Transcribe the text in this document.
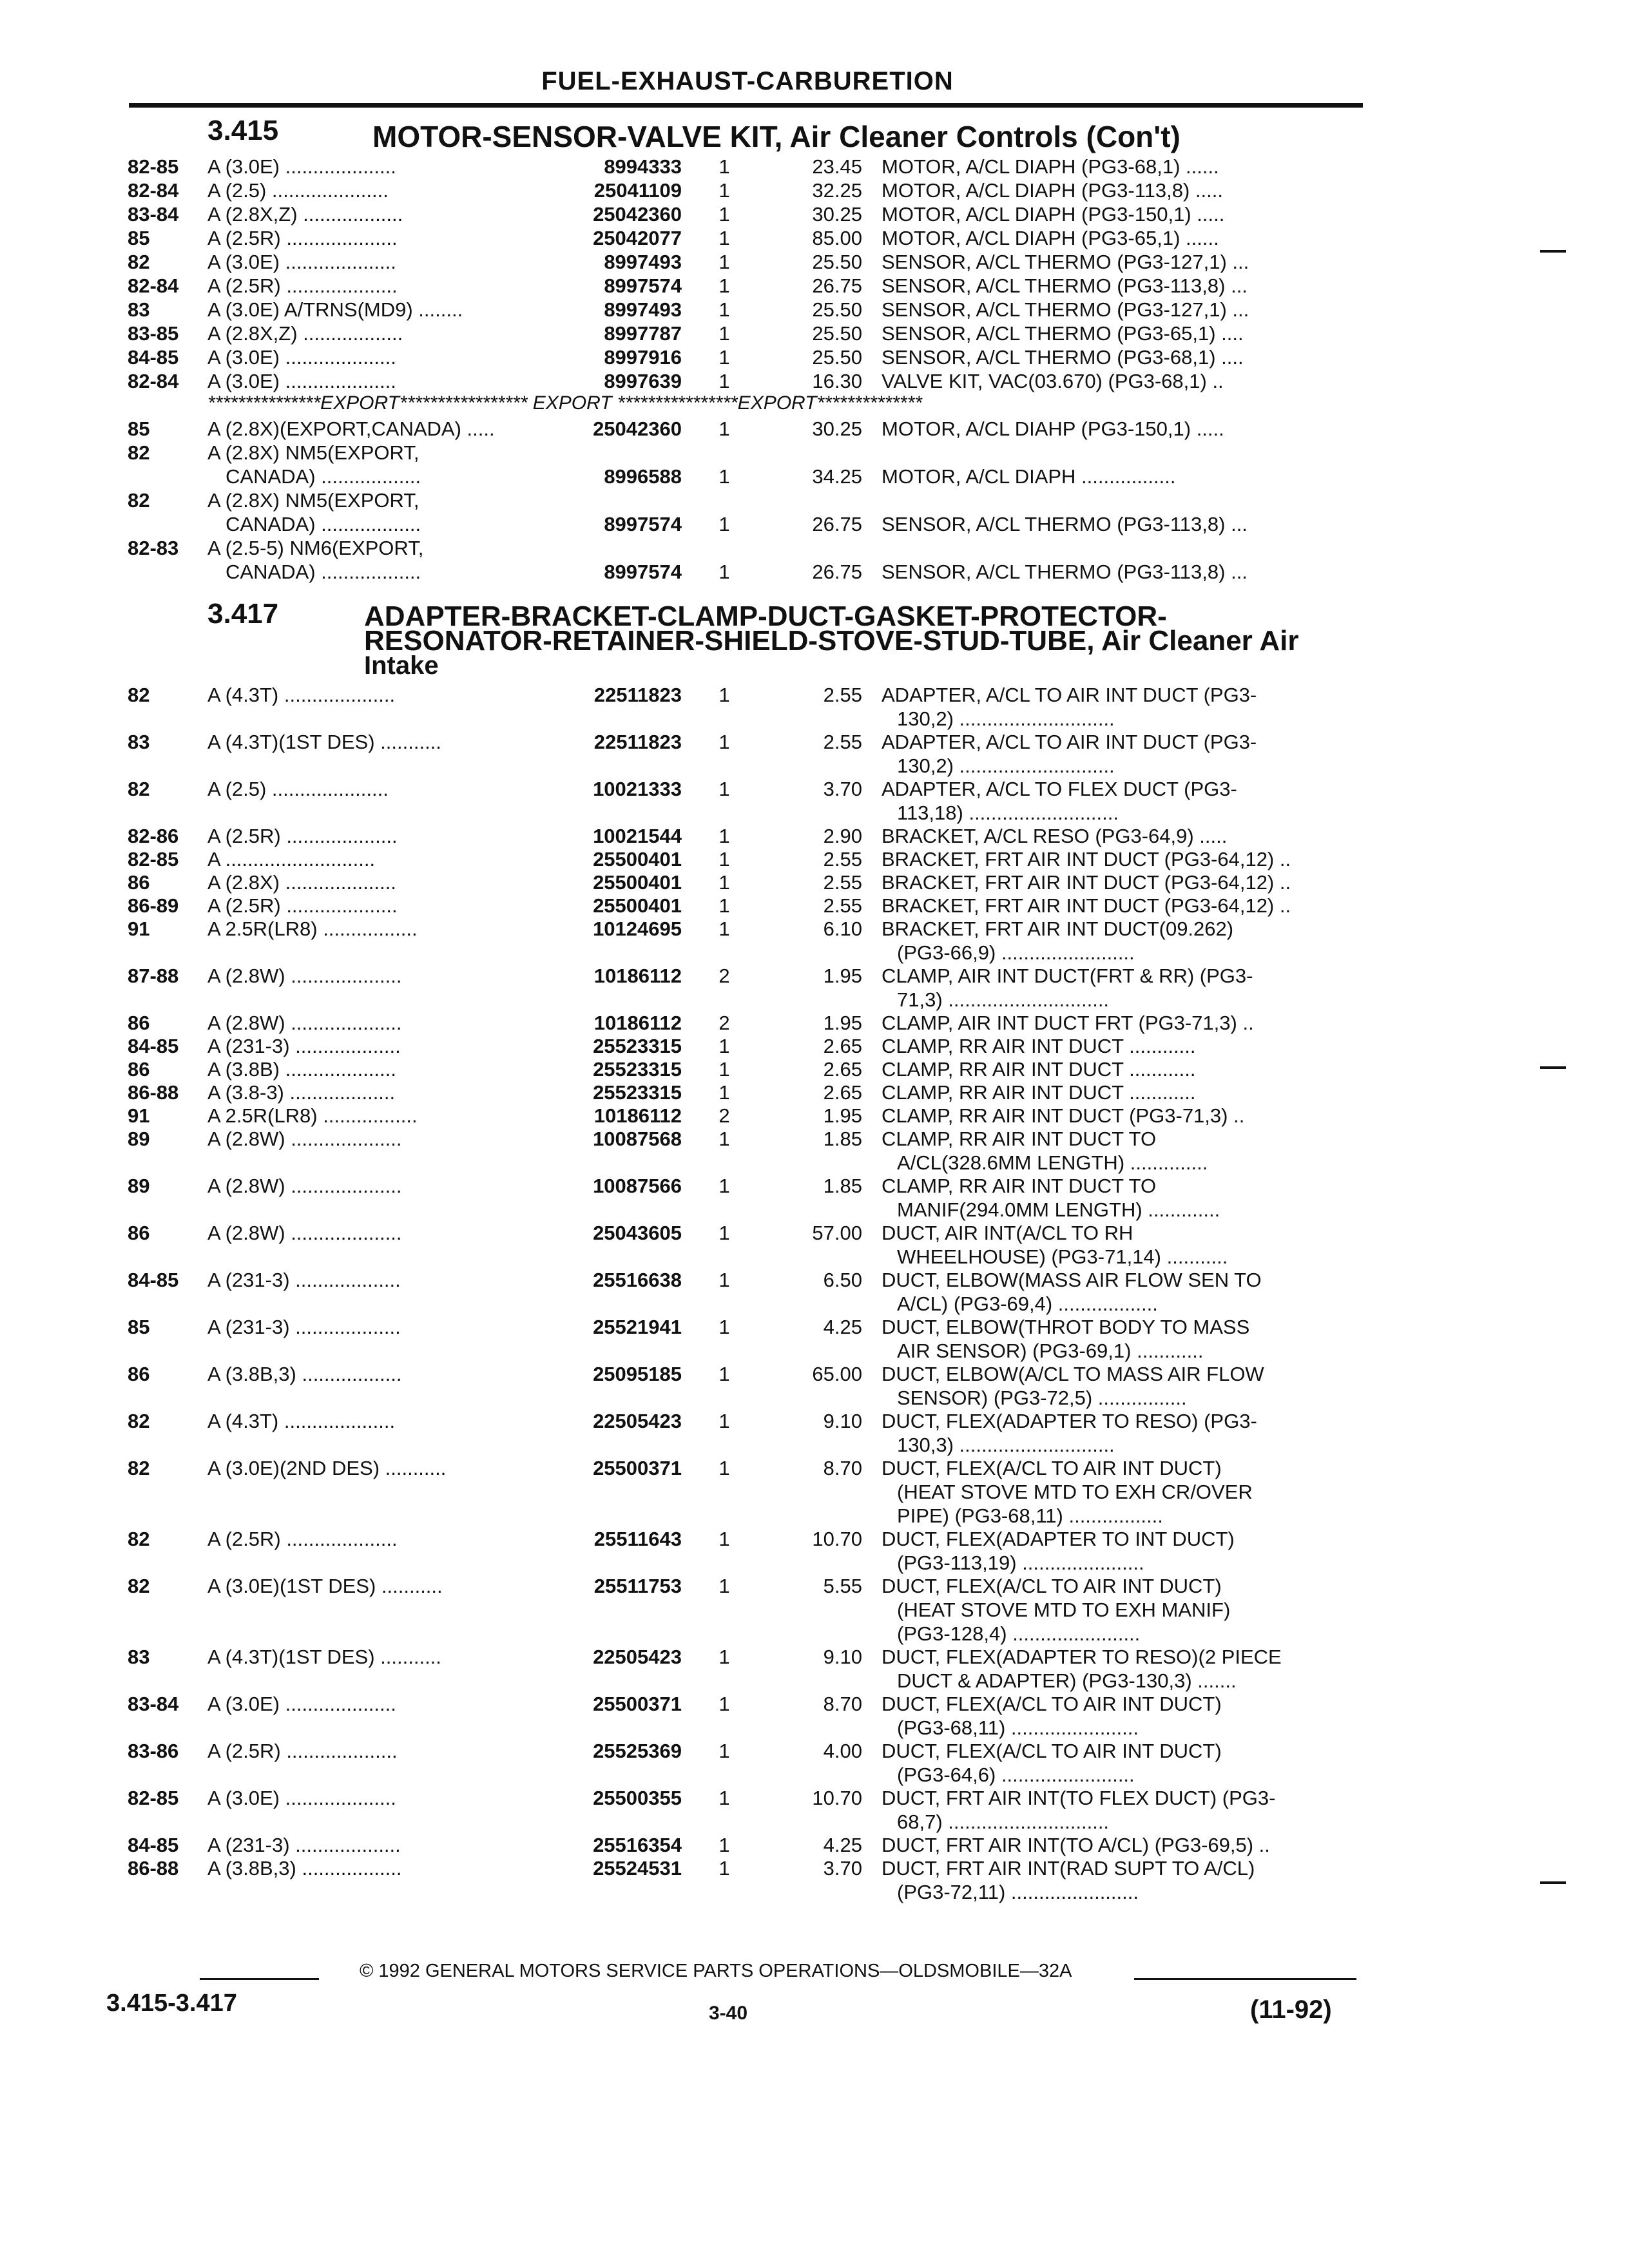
FUEL-EXHAUST-CARBURETION
3.415	MOTOR-SENSOR-VALVE KIT, Air Cleaner Controls (Con't)
82-85 A (3.0E) ....................	8994333	1	23.45 MOTOR, A/CL DIAPH (PG3-68,1) ......
82-84 A (2.5) .....................	25041109	1	32.25 MOTOR, A/CL DIAPH (PG3-113,8) .....
83-84 A (2.8X,Z) ..................	25042360	1	30.25 MOTOR, A/CL DIAPH (PG3-150,1) .....
85	A (2.5R) ....................	25042077	1	85.00 MOTOR, A/CL DIAPH (PG3-65,1) ......
82	A (3.0E) ....................	8997493	1	25.50 SENSOR, A/CL THERMO (PG3-127,1) ...
82-84 A (2.5R) ....................	8997574	1	26.75 SENSOR, A/CL THERMO (PG3-113,8) ...
83	A (3.0E) A/TRNS(MD9) ........	8997493	1	25.50 SENSOR, A/CL THERMO (PG3-127,1) ...
83-85 A (2.8X,Z) ..................	8997787	1	25.50 SENSOR, A/CL THERMO (PG3-65,1) ....
84-85 A (3.0E) ....................	8997916	1	25.50 SENSOR, A/CL THERMO (PG3-68,1) ....
82-84 A (3.0E) ....................	8997639	1	16.30 VALVE KIT, VAC(03.670) (PG3-68,1) ..
***************EXPORT***************** EXPORT ****************EXPORT**************
85	A (2.8X)(EXPORT,CANADA) .....	25042360	1	30.25 MOTOR, A/CL DIAHP (PG3-150,1) .....
82	A (2.8X) NM5(EXPORT,
CANADA) ..................	8996588	1	34.25 MOTOR, A/CL DIAPH .................
82	A (2.8X) NM5(EXPORT,
CANADA) ..................	8997574	1	26.75 SENSOR, A/CL THERMO (PG3-113,8) ...
82-83 A (2.5-5) NM6(EXPORT,
CANADA) ..................	8997574	1	26.75 SENSOR, A/CL THERMO (PG3-113,8) ...
3.417	ADAPTER-BRACKET-CLAMP-DUCT-GASKET-PROTECTOR-
RESONATOR-RETAINER-SHIELD-STOVE-STUD-TUBE, Air Cleaner Air
Intake
82	A (4.3T) ....................	22511823	1	2.55 ADAPTER, A/CL TO AIR INT DUCT (PG3-
130,2) ............................
83	A (4.3T)(1ST DES) ...........	22511823	1	2.55 ADAPTER, A/CL TO AIR INT DUCT (PG3-
130,2) ............................
82	A (2.5) .....................	10021333	1	3.70 ADAPTER, A/CL TO FLEX DUCT (PG3-
113,18) ...........................
82-86 A (2.5R) ....................	10021544	1	2.90 BRACKET, A/CL RESO (PG3-64,9) .....
82-85 A ...........................	25500401	1	2.55 BRACKET, FRT AIR INT DUCT (PG3-64,12) ..
86	A (2.8X) ....................	25500401	1	2.55 BRACKET, FRT AIR INT DUCT (PG3-64,12) ..
86-89 A (2.5R) ....................	25500401	1	2.55 BRACKET, FRT AIR INT DUCT (PG3-64,12) ..
91	A 2.5R(LR8) .................	10124695	1	6.10 BRACKET, FRT AIR INT DUCT(09.262)
(PG3-66,9) ........................
87-88 A (2.8W) ....................	10186112	2	1.95 CLAMP, AIR INT DUCT(FRT & RR) (PG3-
71,3) .............................
86	A (2.8W) ....................	10186112	2	1.95 CLAMP, AIR INT DUCT FRT (PG3-71,3) ..
84-85 A (231-3) ...................	25523315	1	2.65 CLAMP, RR AIR INT DUCT ............
86	A (3.8B) ....................	25523315	1	2.65 CLAMP, RR AIR INT DUCT ............
86-88 A (3.8-3) ...................	25523315	1	2.65 CLAMP, RR AIR INT DUCT ............
91	A 2.5R(LR8) .................	10186112	2	1.95 CLAMP, RR AIR INT DUCT (PG3-71,3) ..
89	A (2.8W) ....................	10087568	1	1.85 CLAMP, RR AIR INT DUCT TO
A/CL(328.6MM LENGTH) ..............
89	A (2.8W) ....................	10087566	1	1.85 CLAMP, RR AIR INT DUCT TO
MANIF(294.0MM LENGTH) .............
86	A (2.8W) ....................	25043605	1	57.00 DUCT, AIR INT(A/CL TO RH
WHEELHOUSE) (PG3-71,14) ...........
84-85 A (231-3) ...................	25516638	1	6.50 DUCT, ELBOW(MASS AIR FLOW SEN TO
A/CL) (PG3-69,4) ..................
85	A (231-3) ...................	25521941	1	4.25 DUCT, ELBOW(THROT BODY TO MASS
AIR SENSOR) (PG3-69,1) ............
86	A (3.8B,3) ..................	25095185	1	65.00 DUCT, ELBOW(A/CL TO MASS AIR FLOW
SENSOR) (PG3-72,5) ................
82	A (4.3T) ....................	22505423	1	9.10 DUCT, FLEX(ADAPTER TO RESO) (PG3-
130,3) ............................
82	A (3.0E)(2ND DES) ...........	25500371	1	8.70 DUCT, FLEX(A/CL TO AIR INT DUCT)
(HEAT STOVE MTD TO EXH CR/OVER
PIPE) (PG3-68,11) .................
82	A (2.5R) ....................	25511643	1	10.70 DUCT, FLEX(ADAPTER TO INT DUCT)
(PG3-113,19) ......................
82	A (3.0E)(1ST DES) ...........	25511753	1	5.55 DUCT, FLEX(A/CL TO AIR INT DUCT)
(HEAT STOVE MTD TO EXH MANIF)
(PG3-128,4) .......................
83	A (4.3T)(1ST DES) ...........	22505423	1	9.10 DUCT, FLEX(ADAPTER TO RESO)(2 PIECE
DUCT & ADAPTER) (PG3-130,3) .......
83-84 A (3.0E) ....................	25500371	1	8.70 DUCT, FLEX(A/CL TO AIR INT DUCT)
(PG3-68,11) .......................
83-86 A (2.5R) ....................	25525369	1	4.00 DUCT, FLEX(A/CL TO AIR INT DUCT)
(PG3-64,6) ........................
82-85 A (3.0E) ....................	25500355	1	10.70 DUCT, FRT AIR INT(TO FLEX DUCT) (PG3-
68,7) .............................
84-85 A (231-3) ...................	25516354	1	4.25 DUCT, FRT AIR INT(TO A/CL) (PG3-69,5) ..
86-88 A (3.8B,3) ..................	25524531	1	3.70 DUCT, FRT AIR INT(RAD SUPT TO A/CL)
(PG3-72,11) .......................
© 1992 GENERAL MOTORS SERVICE PARTS OPERATIONS—OLDSMOBILE—32A
3.415-3.417	3-40	(11-92)
